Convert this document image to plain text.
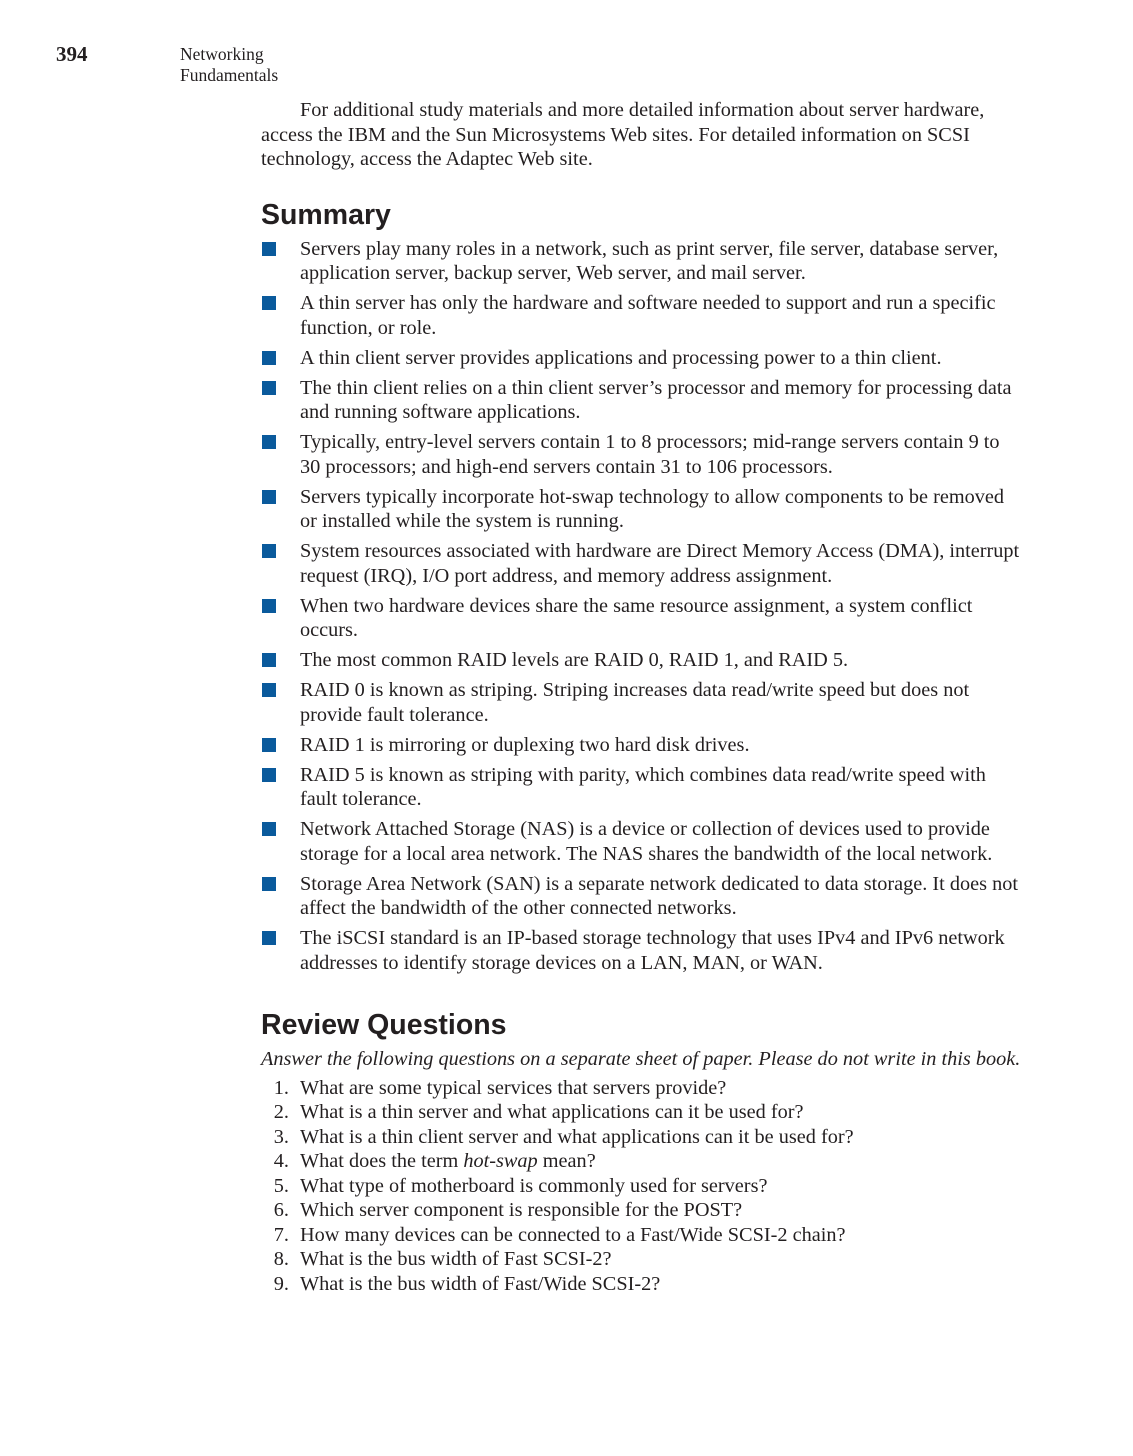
394	Networking Fundamentals

For additional study materials and more detailed information about server hardware, access the IBM and the Sun Microsystems Web sites. For detailed information on SCSI technology, access the Adaptec Web site.

Summary
Servers play many roles in a network, such as print server, file server, database server, application server, backup server, Web server, and mail server.
A thin server has only the hardware and software needed to support and run a specific function, or role.
A thin client server provides applications and processing power to a thin client.
The thin client relies on a thin client server’s processor and memory for processing data and running software applications.
Typically, entry-level servers contain 1 to 8 processors; mid-range servers contain 9 to 30 processors; and high-end servers contain 31 to 106 processors.
Servers typically incorporate hot-swap technology to allow components to be removed or installed while the system is running.
System resources associated with hardware are Direct Memory Access (DMA), interrupt request (IRQ), I/O port address, and memory address assignment.
When two hardware devices share the same resource assignment, a system conflict occurs.
The most common RAID levels are RAID 0, RAID 1, and RAID 5.
RAID 0 is known as striping. Striping increases data read/write speed but does not provide fault tolerance.
RAID 1 is mirroring or duplexing two hard disk drives.
RAID 5 is known as striping with parity, which combines data read/write speed with fault tolerance.
Network Attached Storage (NAS) is a device or collection of devices used to provide storage for a local area network. The NAS shares the bandwidth of the local network.
Storage Area Network (SAN) is a separate network dedicated to data storage. It does not affect the bandwidth of the other connected networks.
The iSCSI standard is an IP-based storage technology that uses IPv4 and IPv6 network addresses to identify storage devices on a LAN, MAN, or WAN.
Review Questions

Answer the following questions on a separate sheet of paper. Please do not write in this book.

1. What are some typical services that servers provide?
2. What is a thin server and what applications can it be used for?
3. What is a thin client server and what applications can it be used for?
4. What does the term hot-swap mean?
5. What type of motherboard is commonly used for servers?
6. Which server component is responsible for the POST?
7. How many devices can be connected to a Fast/Wide SCSI-2 chain?
8. What is the bus width of Fast SCSI-2?
9. What is the bus width of Fast/Wide SCSI-2?
